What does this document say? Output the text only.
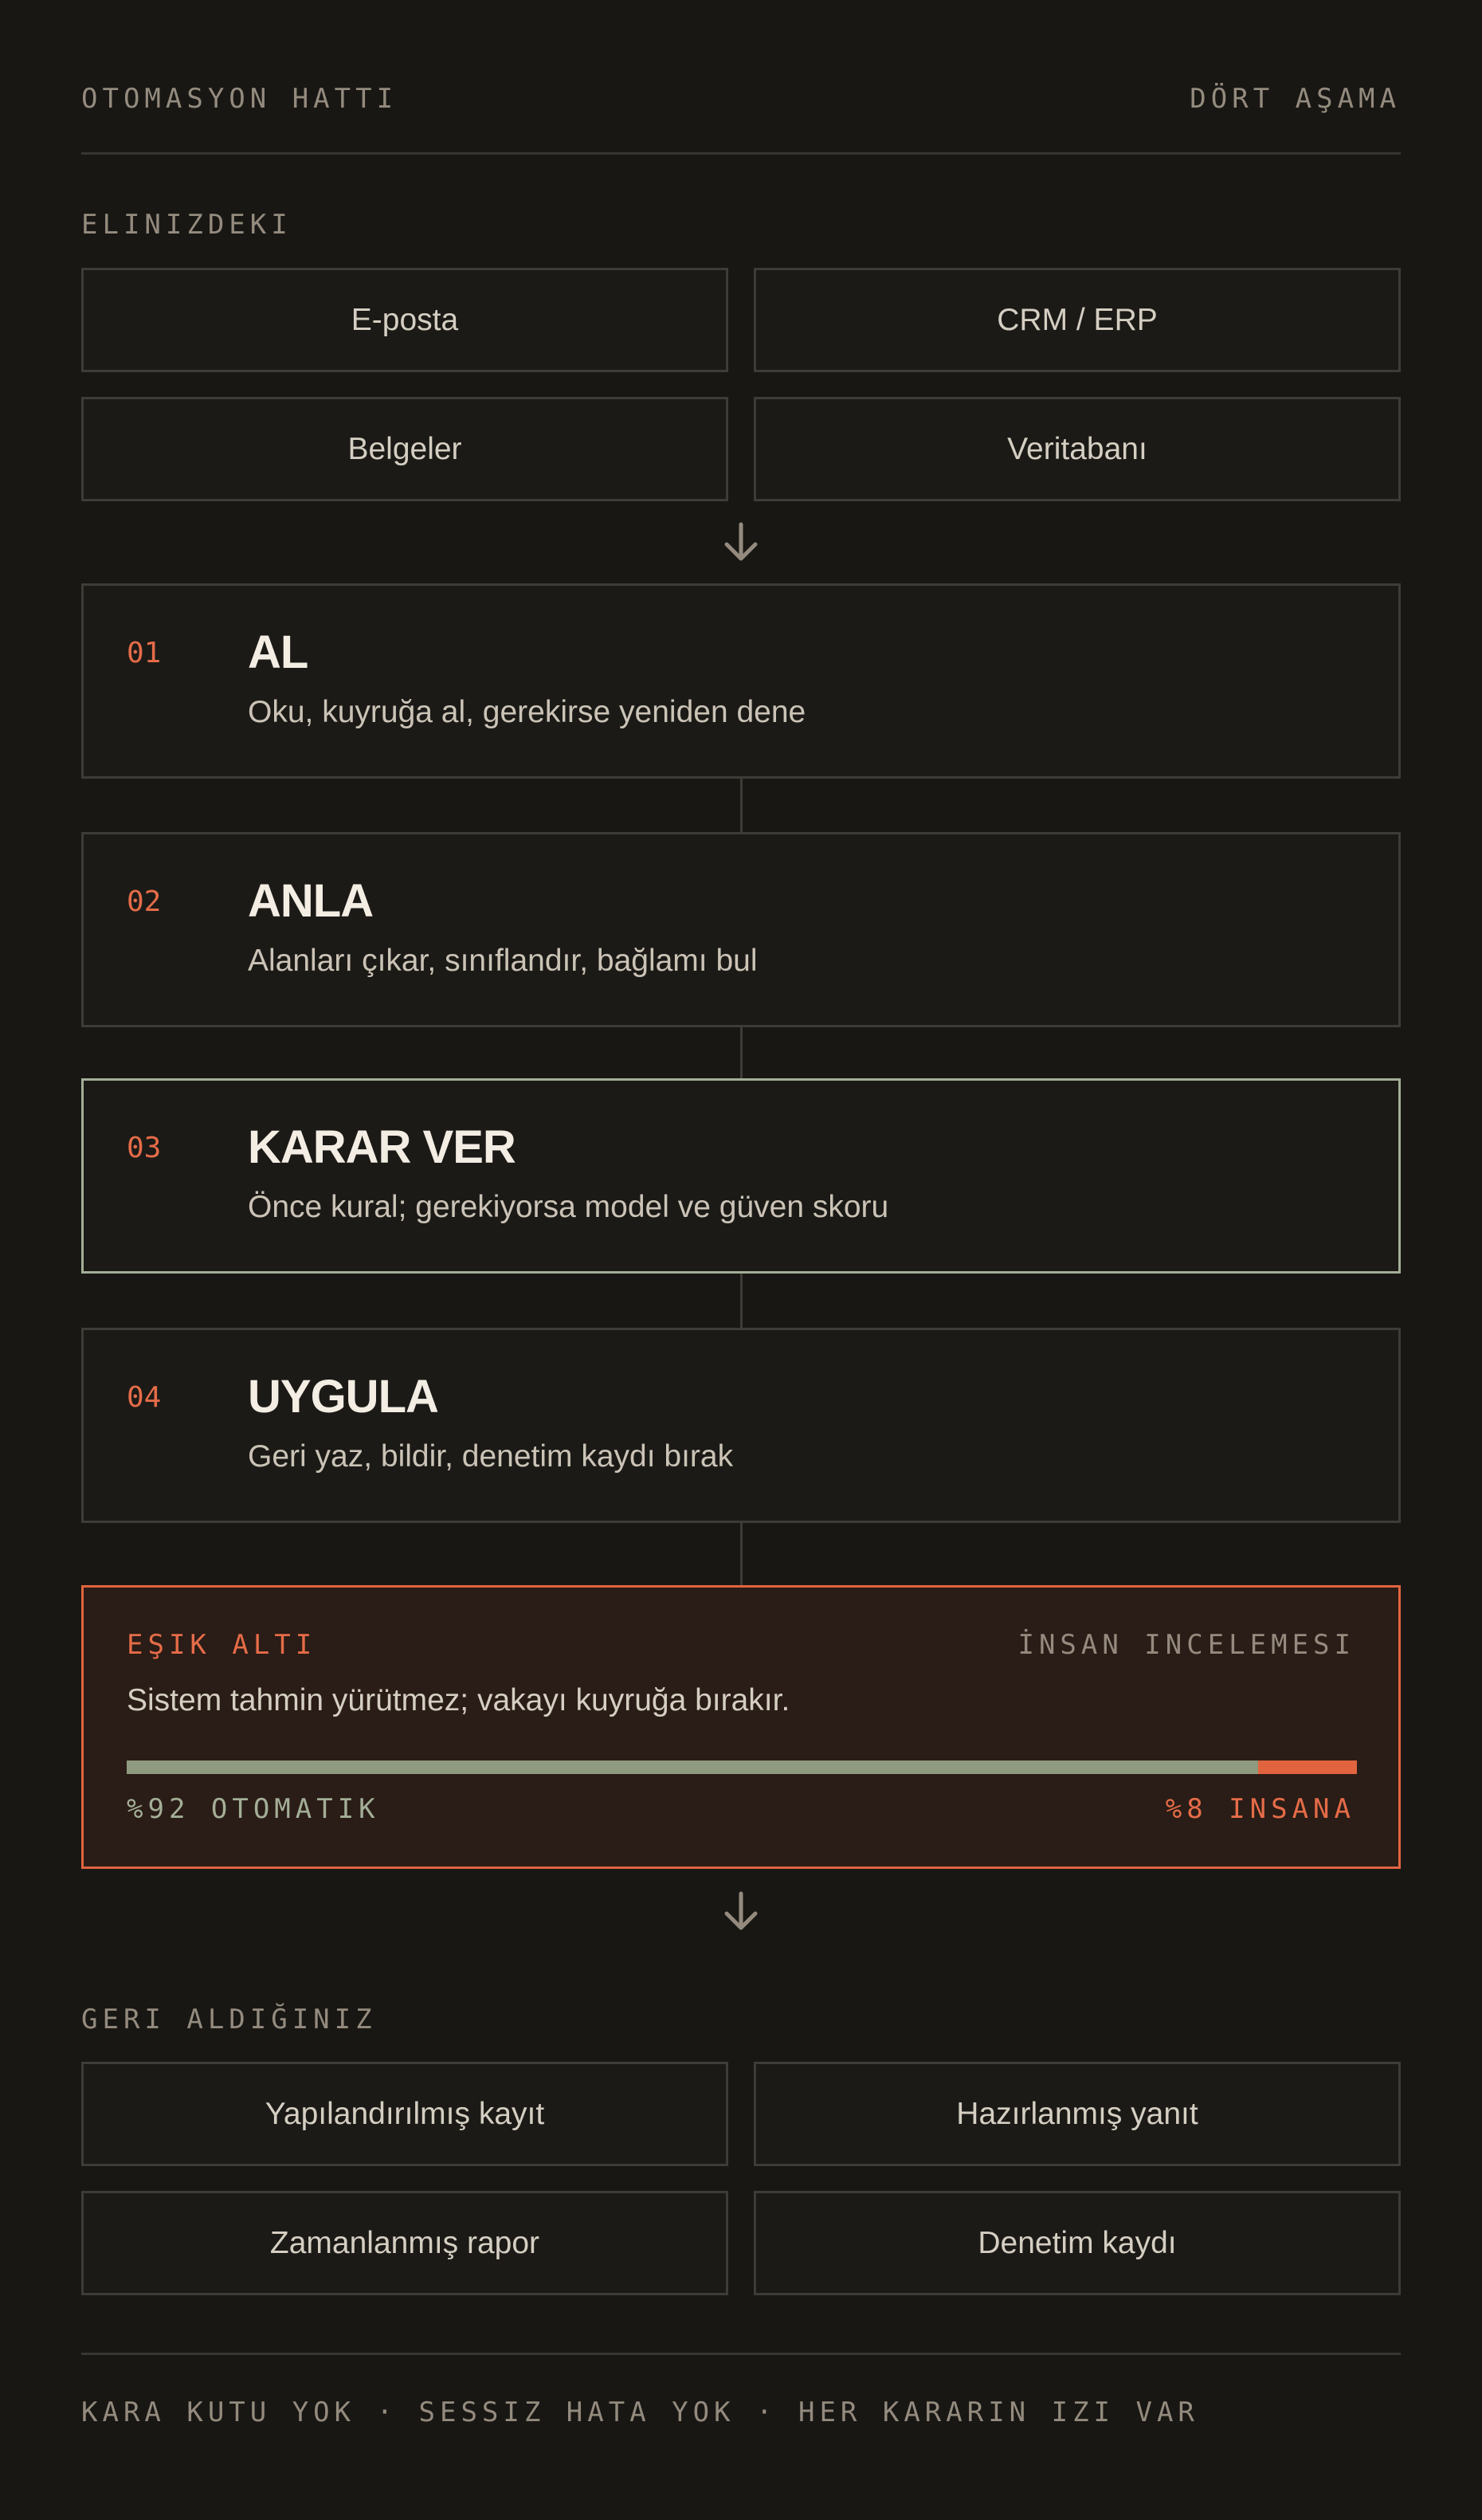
OTOMASYON HATTI	DÖRT AŞAMA
ELINIZDEKI
E-posta	CRM / ERP
Belgeler	Veritabanı
01 AL
Oku, kuyruğa al, gerekirse yeniden dene
02 ANLA
Alanları çıkar, sınıflandır, bağlamı bul
03 KARAR VER
Önce kural; gerekiyorsa model ve güven skoru
04 UYGULA
Geri yaz, bildir, denetim kaydı bırak
EŞIK ALTI	İNSAN INCELEMESI
Sistem tahmin yürütmez; vakayı kuyruğa bırakır.
%92 OTOMATIK	%8 INSANA
GERI ALDIĞINIZ
Yapılandırılmış kayıt	Hazırlanmış yanıt
Zamanlanmış rapor	Denetim kaydı
KARA KUTU YOK · SESSIZ HATA YOK · HER KARARIN IZI VAR
